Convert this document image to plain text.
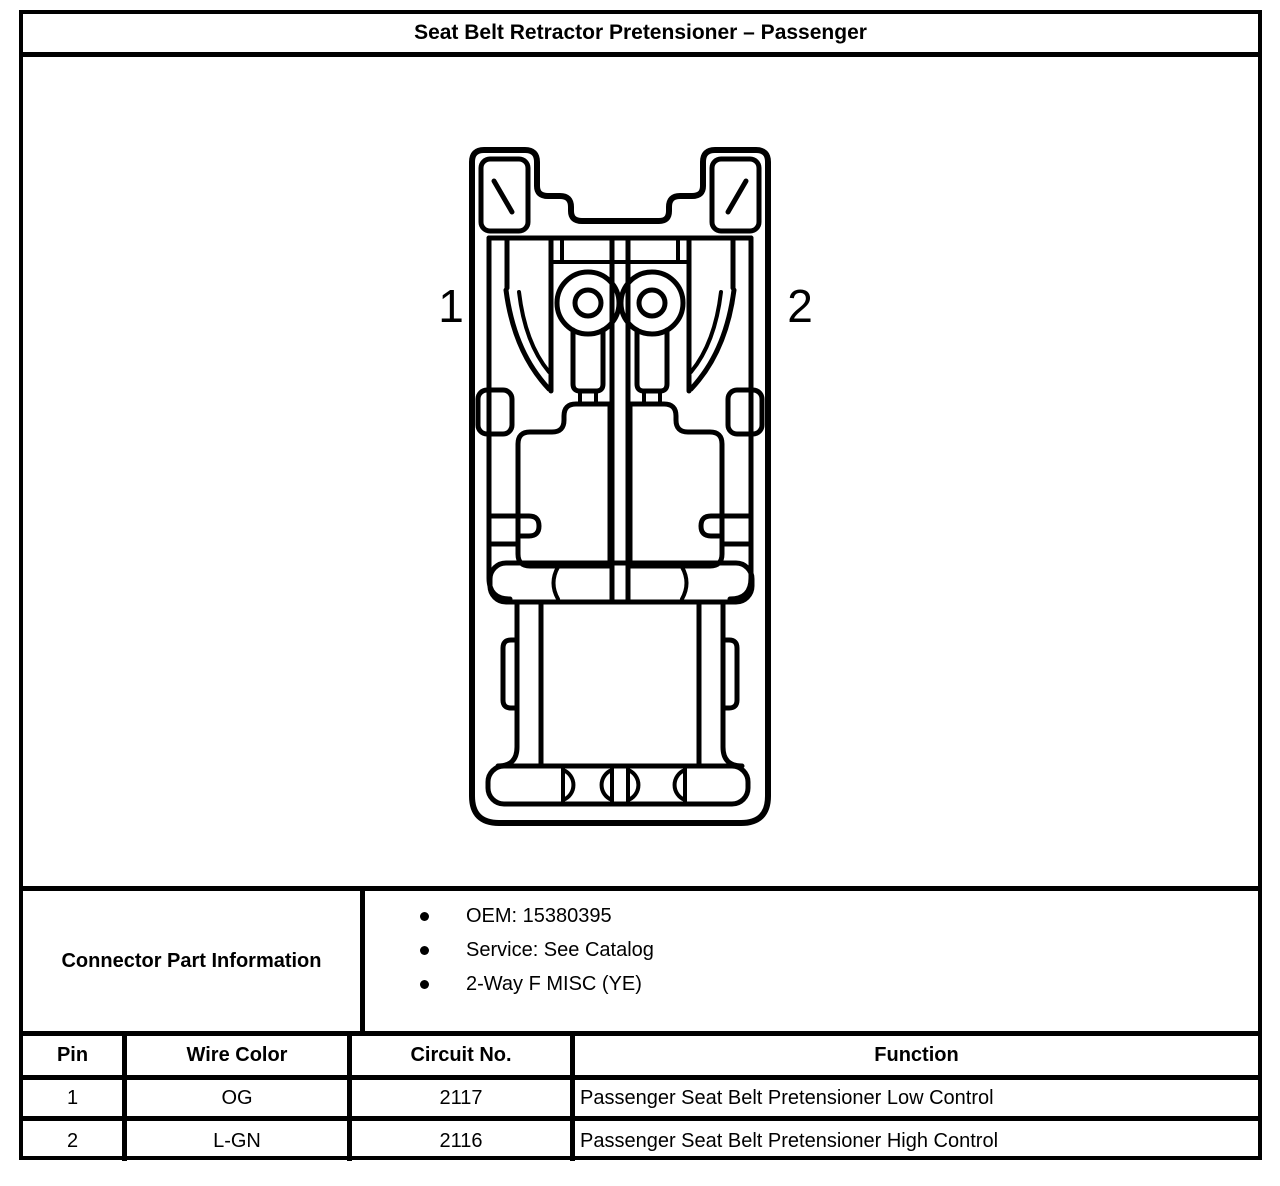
Seat Belt Retractor Pretensioner – Passenger
1	2
Connector Part Information
OEM: 15380395
Service: See Catalog
2-Way F MISC (YE)
Pin	Wire Color	Circuit No.	Function
1	OG	2117	Passenger Seat Belt Pretensioner Low Control
2	L-GN	2116	Passenger Seat Belt Pretensioner High Control
